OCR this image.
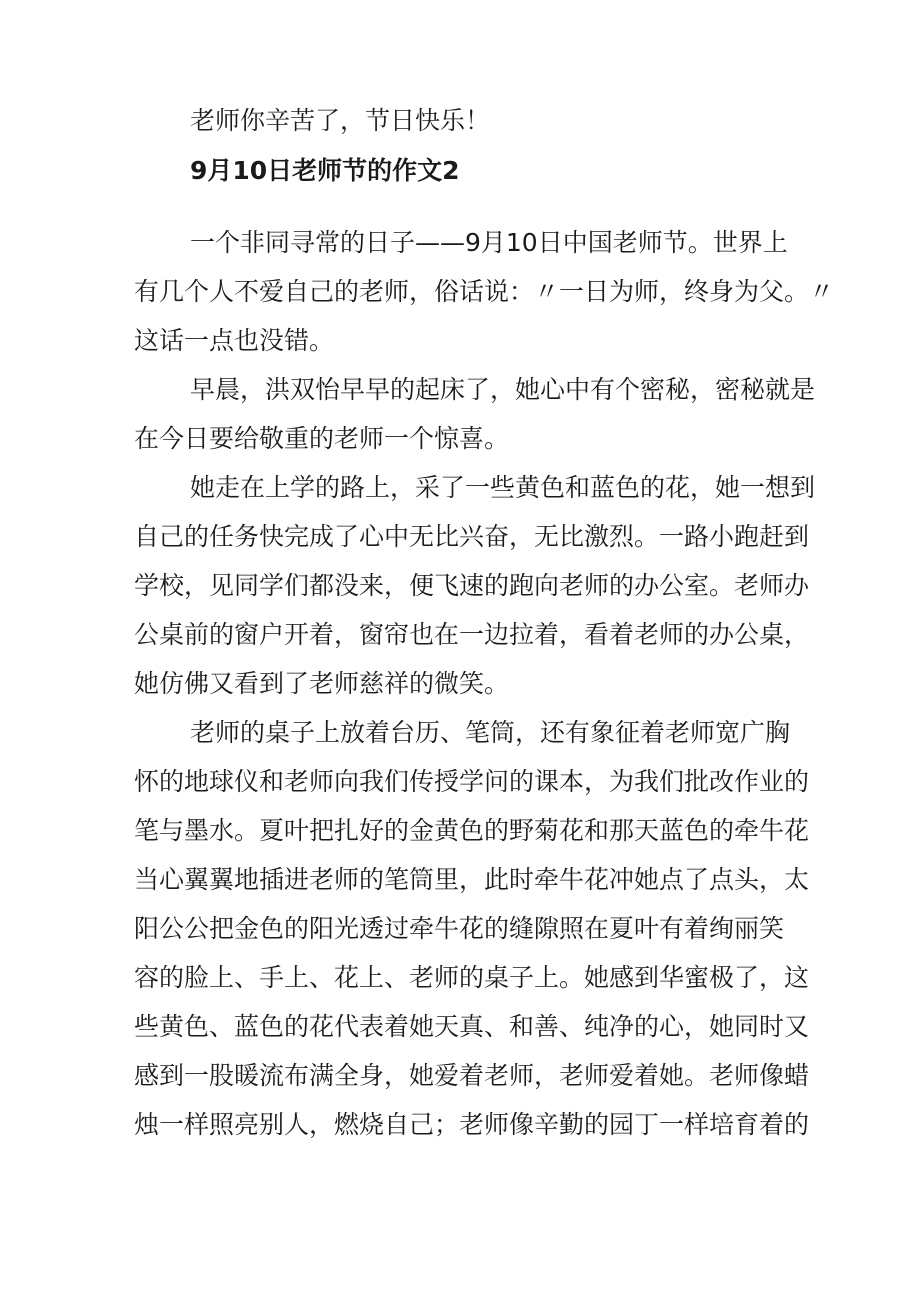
老师你辛苦了，节日快乐！

9月10日老师节的作文2

一个非同寻常的日子——9月10日中国老师节。世界上

有几个人不爱自己的老师，俗话说：〃一日为师，终身为父。〃

这话一点也没错。

早晨，洪双怡早早的起床了，她心中有个密秘，密秘就是

在今日要给敬重的老师一个惊喜。

她走在上学的路上，采了一些黄色和蓝色的花，她一想到

自己的任务快完成了心中无比兴奋，无比激烈。一路小跑赶到

学校，见同学们都没来，便飞速的跑向老师的办公室。老师办

公桌前的窗户开着，窗帘也在一边拉着，看着老师的办公桌，

她仿佛又看到了老师慈祥的微笑。

老师的桌子上放着台历、笔筒，还有象征着老师宽广胸

怀的地球仪和老师向我们传授学问的课本，为我们批改作业的

笔与墨水。夏叶把扎好的金黄色的野菊花和那天蓝色的牵牛花

当心翼翼地插进老师的笔筒里，此时牵牛花冲她点了点头，太

阳公公把金色的阳光透过牵牛花的缝隙照在夏叶有着绚丽笑

容的脸上、手上、花上、老师的桌子上。她感到华蜜极了，这

些黄色、蓝色的花代表着她天真、和善、纯净的心，她同时又

感到一股暖流布满全身，她爱着老师，老师爱着她。老师像蜡

烛一样照亮别人，燃烧自己；老师像辛勤的园丁一样培育着的
